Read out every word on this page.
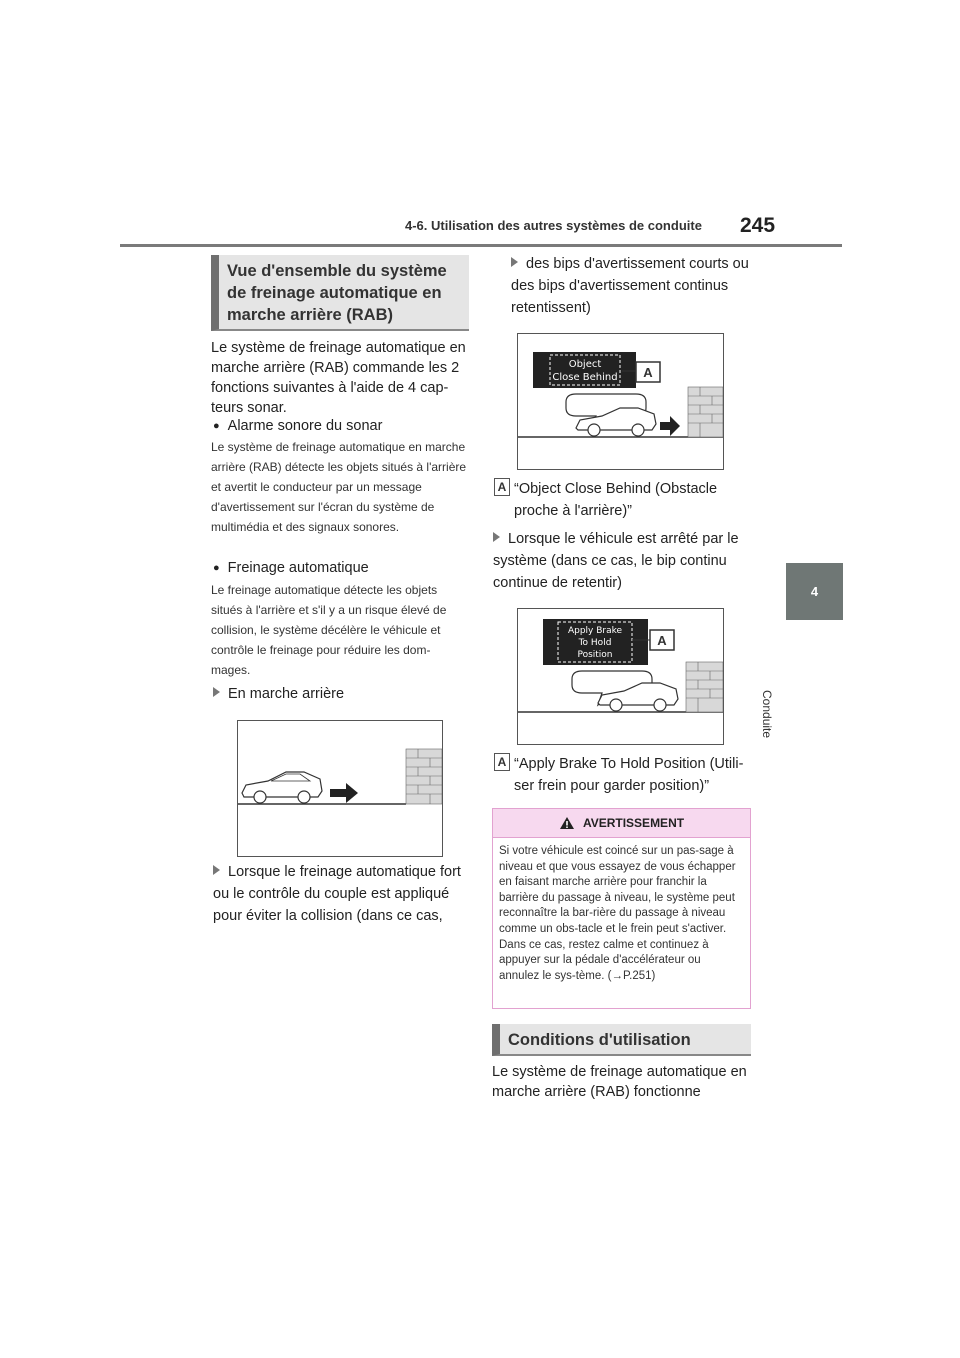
4-6. Utilisation des autres systèmes de conduite 245
4
Conduite
Vue d'ensemble du système de freinage automatique en marche arrière (RAB)
Le système de freinage automatique en marche arrière (RAB) commande les 2 fonctions suivantes à l'aide de 4 cap-teurs sonar.
● Alarme sonore du sonar
Le système de freinage automatique en marche arrière (RAB) détecte les objets situés à l'arrière et avertit le conducteur par un message d'avertissement sur l'écran du système de multimédia et des signaux sonores.
● Freinage automatique
Le freinage automatique détecte les objets situés à l'arrière et s'il y a un risque élevé de collision, le système décélère le véhicule et contrôle le freinage pour réduire les dom-mages.
En marche arrière
Lorsque le freinage automatique fort ou le contrôle du couple est appliqué pour éviter la collision (dans ce cas,
des bips d'avertissement courts ou des bips d'avertissement continus retentissent)
Object
Close Behind A
A “Object Close Behind (Obstacle proche à l'arrière)”
Lorsque le véhicule est arrêté par le système (dans ce cas, le bip continu continue de retentir)
Apply Brake
To Hold
Position
A
A “Apply Brake To Hold Position (Utili-ser frein pour garder position)”
AVERTISSEMENT
Si votre véhicule est coincé sur un pas-sage à niveau et que vous essayez de vous échapper en faisant marche arrière pour franchir la barrière du passage à niveau, le système peut reconnaître la bar-rière du passage à niveau comme un obs-tacle et le frein peut s'activer. Dans ce cas, restez calme et continuez à appuyer sur la pédale d'accélérateur ou annulez le sys-tème. (→P.251)
Conditions d'utilisation
Le système de freinage automatique en marche arrière (RAB) fonctionne
